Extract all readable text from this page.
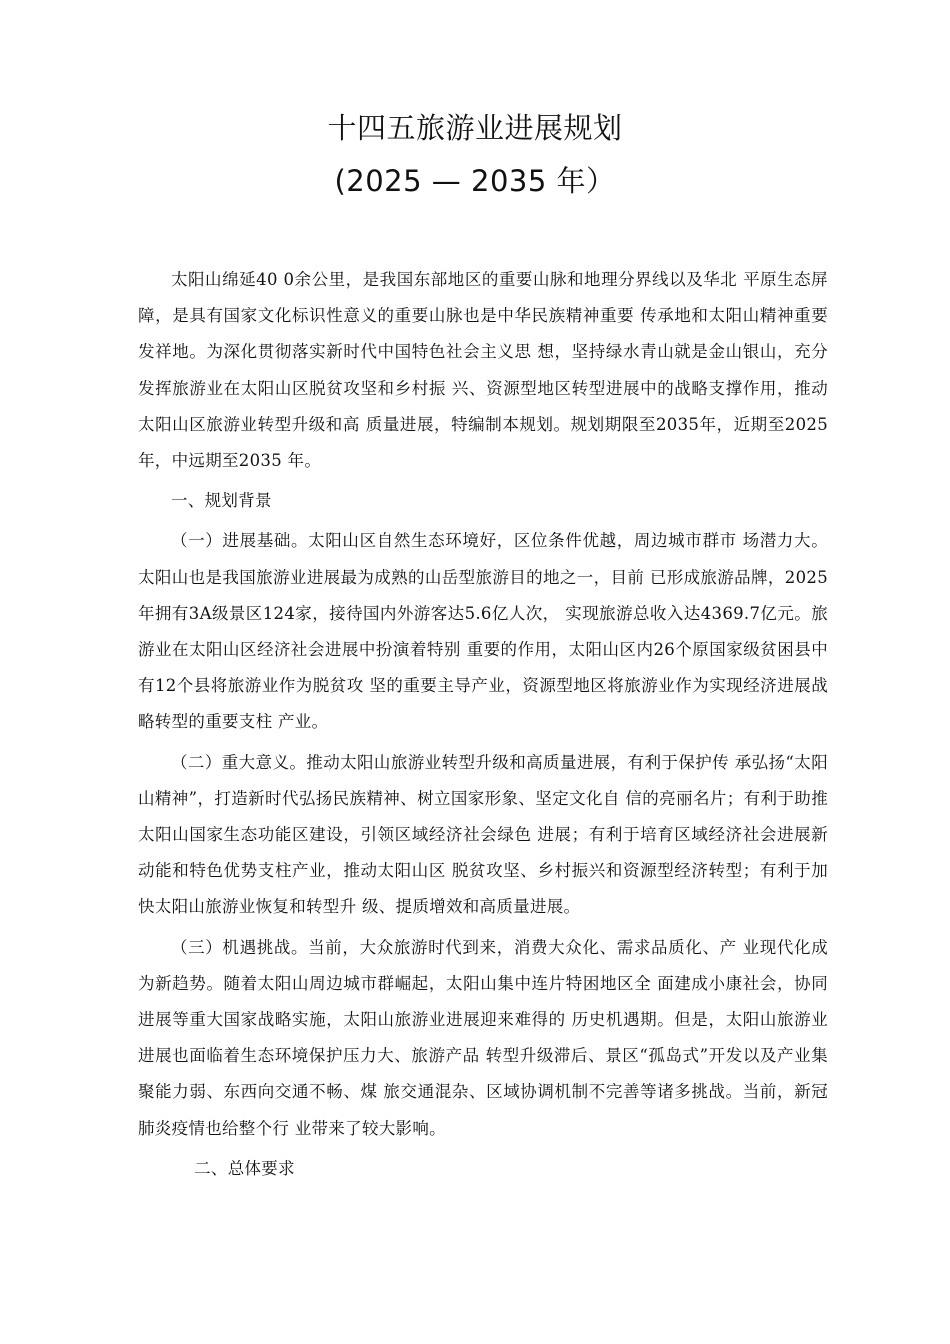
十四五旅游业进展规划
(2025 — 2035 年）

太阳山绵延40 0余公里，是我国东部地区的重要山脉和地理分界线以及华北 平原生态屏障，是具有国家文化标识性意义的重要山脉也是中华民族精神重要 传承地和太阳山精神重要发祥地。为深化贯彻落实新时代中国特色社会主义思 想，坚持绿水青山就是金山银山，充分发挥旅游业在太阳山区脱贫攻坚和乡村振 兴、资源型地区转型进展中的战略支撑作用，推动太阳山区旅游业转型升级和高 质量进展，特编制本规划。规划期限至2035年，近期至2025年，中远期至2035 年。

一、规划背景

（一）进展基础。太阳山区自然生态环境好，区位条件优越，周边城市群市 场潜力大。太阳山也是我国旅游业进展最为成熟的山岳型旅游目的地之一，目前 已形成旅游品牌，2025年拥有3A级景区124家，接待国内外游客达5.6亿人次， 实现旅游总收入达4369.7亿元。旅游业在太阳山区经济社会进展中扮演着特别 重要的作用，太阳山区内26个原国家级贫困县中有12个县将旅游业作为脱贫攻 坚的重要主导产业，资源型地区将旅游业作为实现经济进展战略转型的重要支柱 产业。

（二）重大意义。推动太阳山旅游业转型升级和高质量进展，有利于保护传 承弘扬“太阳山精神”，打造新时代弘扬民族精神、树立国家形象、坚定文化自 信的亮丽名片；有利于助推太阳山国家生态功能区建设，引领区域经济社会绿色 进展；有利于培育区域经济社会进展新动能和特色优势支柱产业，推动太阳山区 脱贫攻坚、乡村振兴和资源型经济转型；有利于加快太阳山旅游业恢复和转型升 级、提质增效和高质量进展。

（三）机遇挑战。当前，大众旅游时代到来，消费大众化、需求品质化、产 业现代化成为新趋势。随着太阳山周边城市群崛起，太阳山集中连片特困地区全 面建成小康社会，协同进展等重大国家战略实施，太阳山旅游业进展迎来难得的 历史机遇期。但是，太阳山旅游业进展也面临着生态环境保护压力大、旅游产品 转型升级滞后、景区“孤岛式”开发以及产业集聚能力弱、东西向交通不畅、煤 旅交通混杂、区域协调机制不完善等诸多挑战。当前，新冠肺炎疫情也给整个行 业带来了较大影响。

二、总体要求
